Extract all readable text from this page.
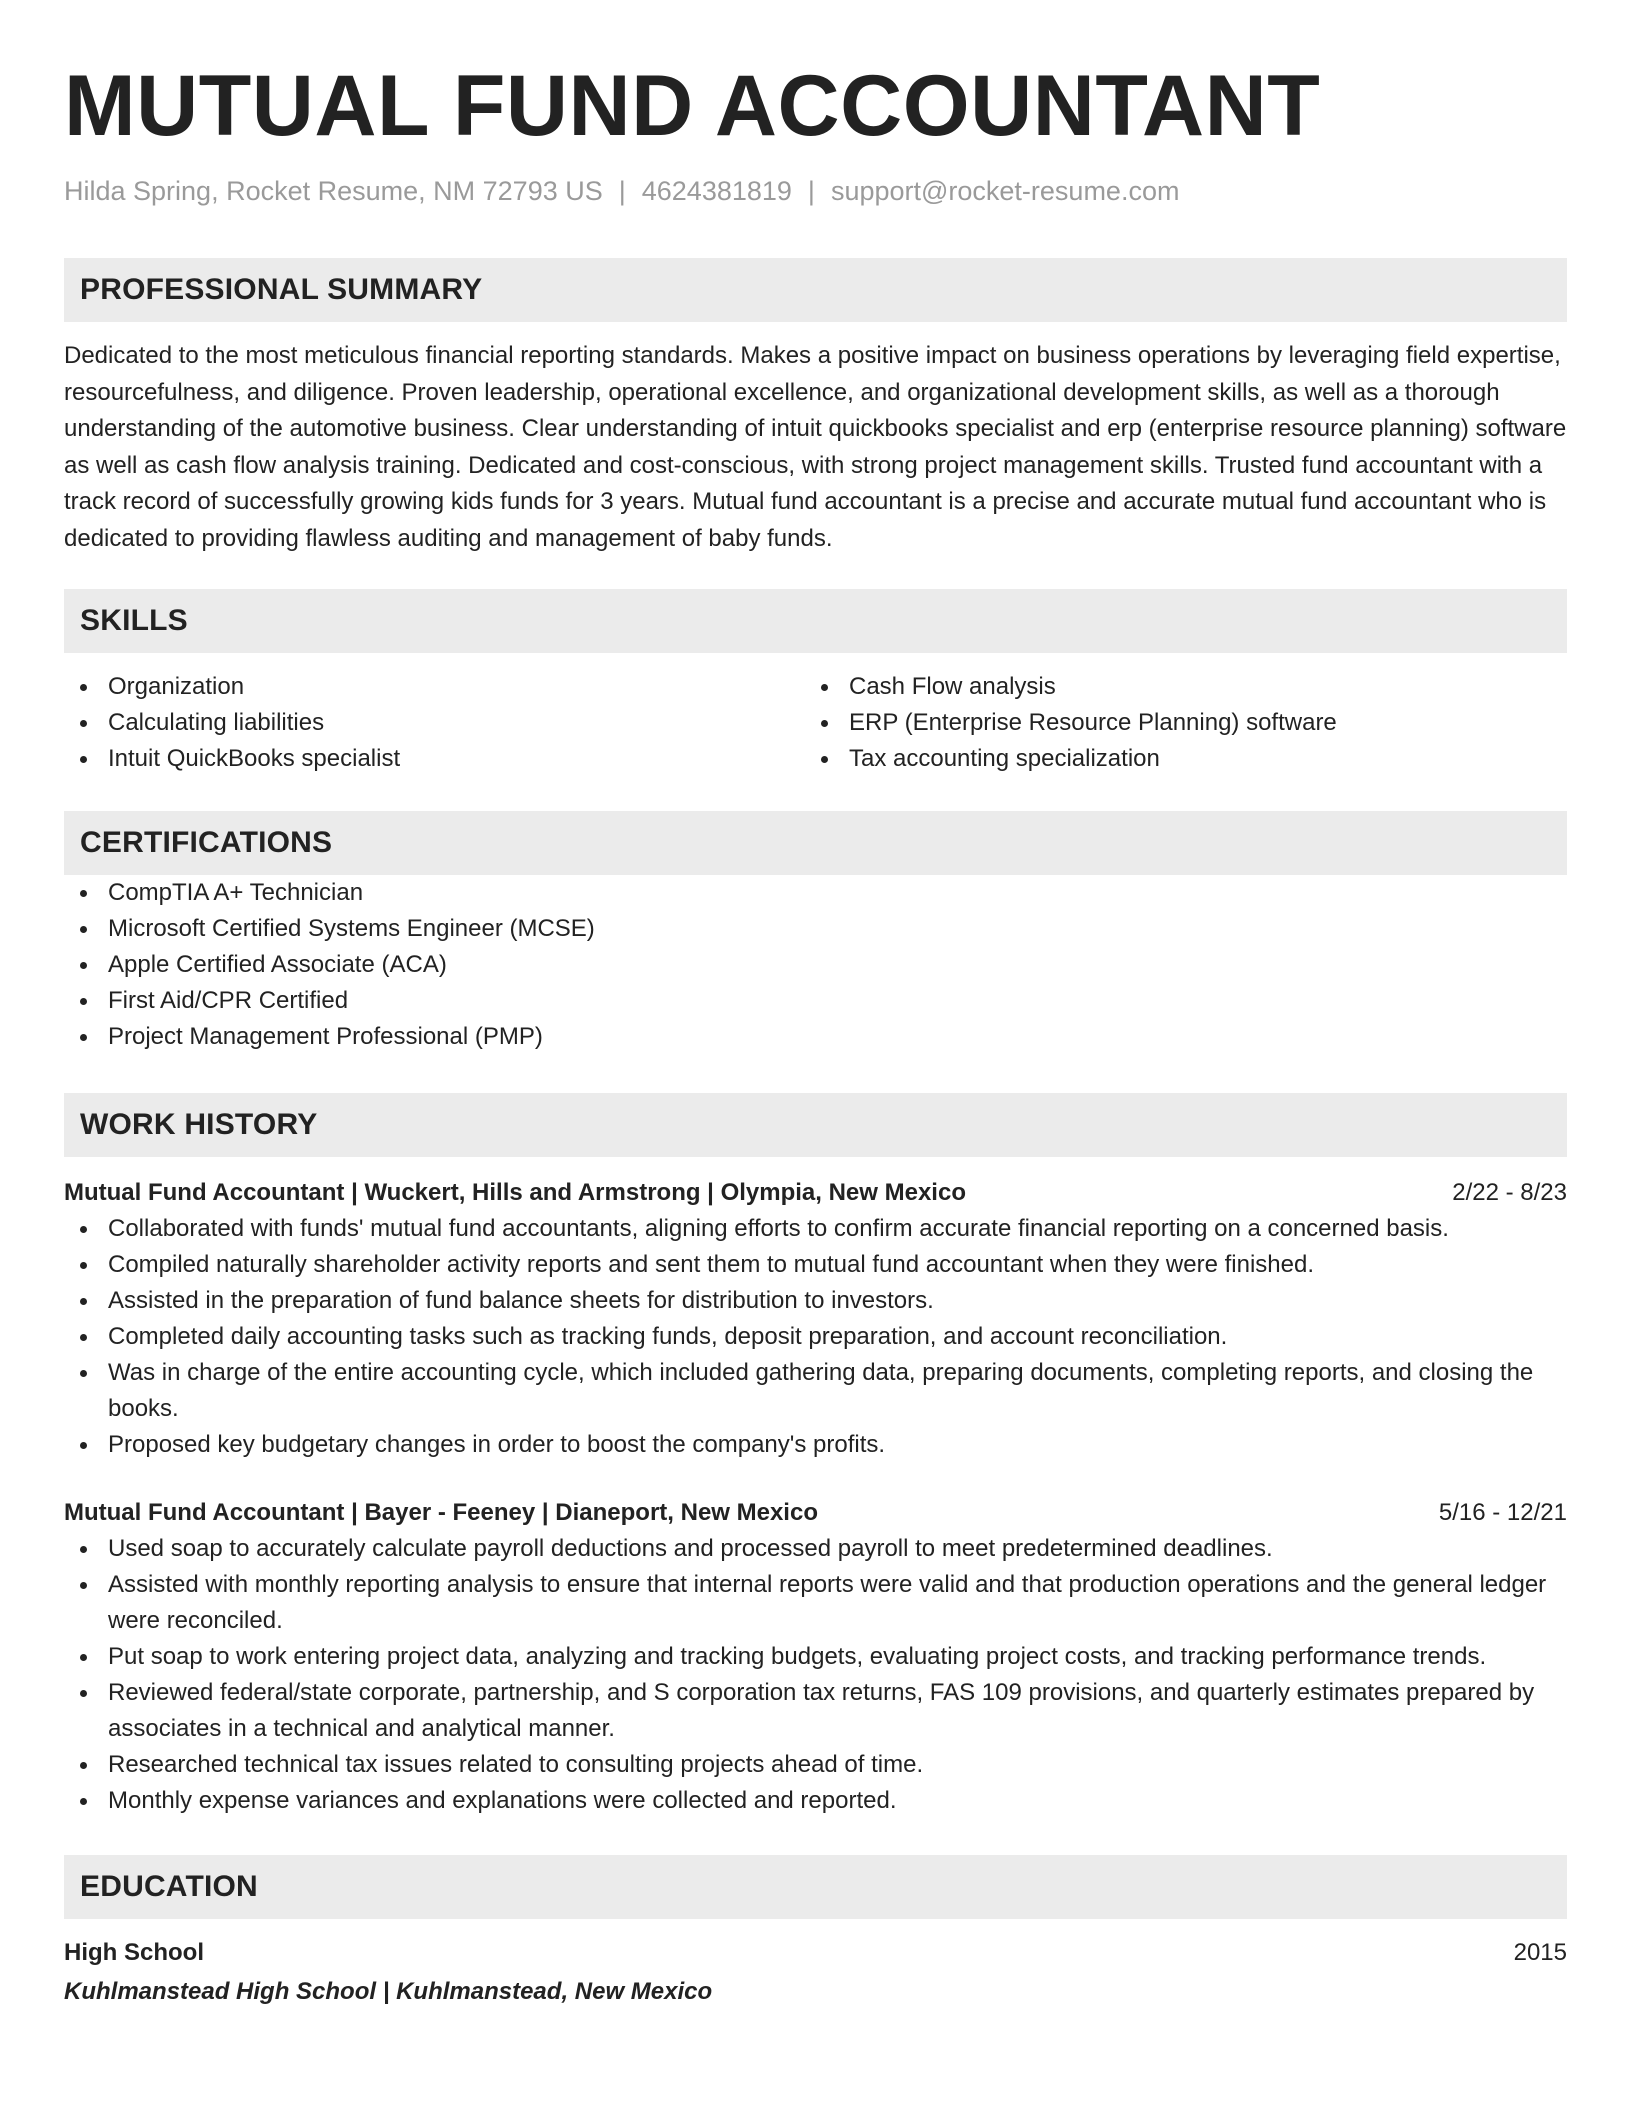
MUTUAL FUND ACCOUNTANT
Hilda Spring, Rocket Resume, NM 72793 US | 4624381819 | support@rocket-resume.com
PROFESSIONAL SUMMARY
Dedicated to the most meticulous financial reporting standards. Makes a positive impact on business operations by leveraging field expertise, resourcefulness, and diligence. Proven leadership, operational excellence, and organizational development skills, as well as a thorough understanding of the automotive business. Clear understanding of intuit quickbooks specialist and erp (enterprise resource planning) software as well as cash flow analysis training. Dedicated and cost-conscious, with strong project management skills. Trusted fund accountant with a track record of successfully growing kids funds for 3 years. Mutual fund accountant is a precise and accurate mutual fund accountant who is dedicated to providing flawless auditing and management of baby funds.
SKILLS
Organization
Calculating liabilities
Intuit QuickBooks specialist
Cash Flow analysis
ERP (Enterprise Resource Planning) software
Tax accounting specialization
CERTIFICATIONS
CompTIA A+ Technician
Microsoft Certified Systems Engineer (MCSE)
Apple Certified Associate (ACA)
First Aid/CPR Certified
Project Management Professional (PMP)
WORK HISTORY
Mutual Fund Accountant | Wuckert, Hills and Armstrong | Olympia, New Mexico	2/22 - 8/23
Collaborated with funds' mutual fund accountants, aligning efforts to confirm accurate financial reporting on a concerned basis.
Compiled naturally shareholder activity reports and sent them to mutual fund accountant when they were finished.
Assisted in the preparation of fund balance sheets for distribution to investors.
Completed daily accounting tasks such as tracking funds, deposit preparation, and account reconciliation.
Was in charge of the entire accounting cycle, which included gathering data, preparing documents, completing reports, and closing the books.
Proposed key budgetary changes in order to boost the company's profits.
Mutual Fund Accountant | Bayer - Feeney | Dianeport, New Mexico	5/16 - 12/21
Used soap to accurately calculate payroll deductions and processed payroll to meet predetermined deadlines.
Assisted with monthly reporting analysis to ensure that internal reports were valid and that production operations and the general ledger were reconciled.
Put soap to work entering project data, analyzing and tracking budgets, evaluating project costs, and tracking performance trends.
Reviewed federal/state corporate, partnership, and S corporation tax returns, FAS 109 provisions, and quarterly estimates prepared by associates in a technical and analytical manner.
Researched technical tax issues related to consulting projects ahead of time.
Monthly expense variances and explanations were collected and reported.
EDUCATION
High School	2015
Kuhlmanstead High School | Kuhlmanstead, New Mexico
